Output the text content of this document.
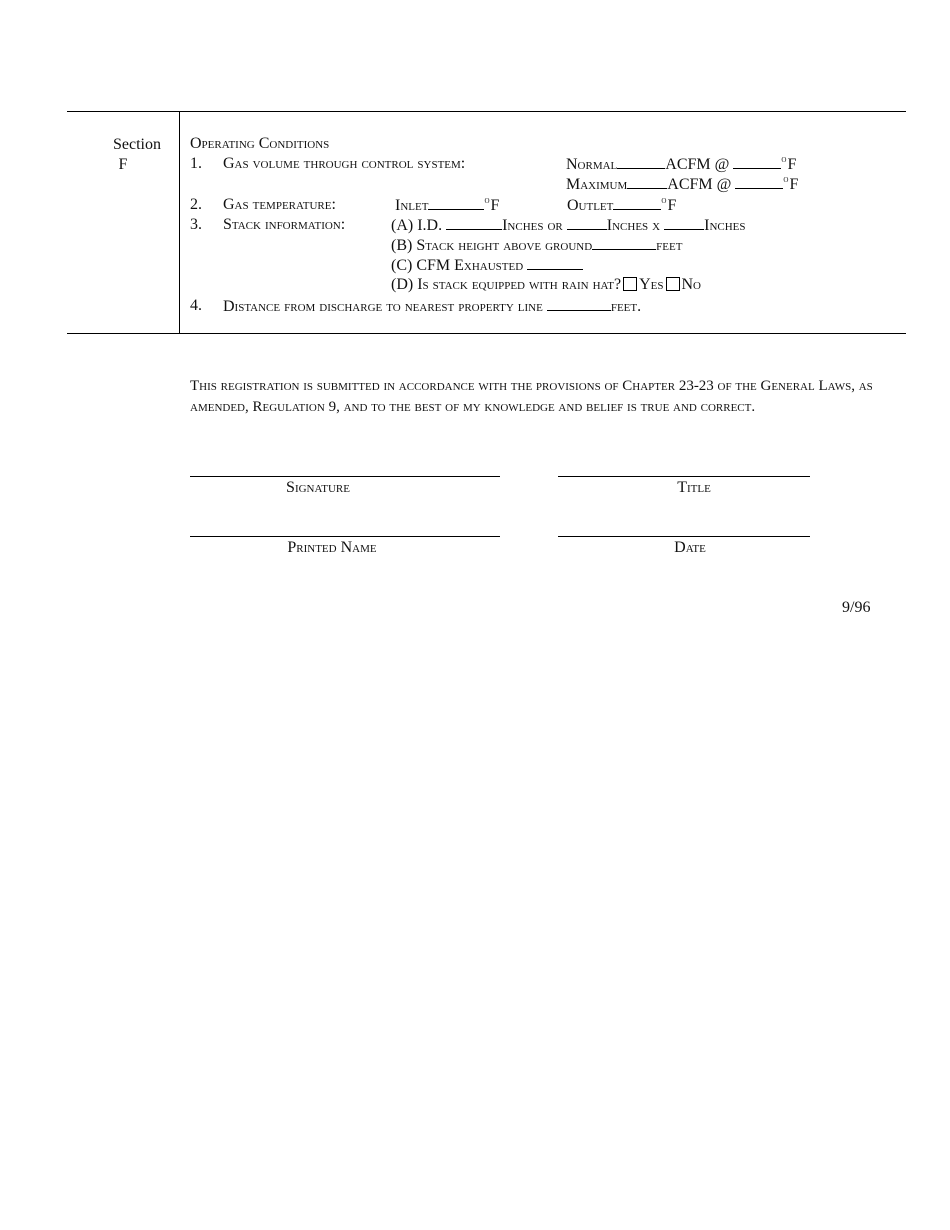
Section
F
Operating Conditions
1. Gas volume through control system:	Normal	ACFM @	$^o$F
Maximum	ACFM @	$^o$F
2. Gas temperature:	Inlet	$^o$F	Outlet	$^o$F
3. Stack information:	(A) I.D.	Inches or	Inches x	Inches
(B) Stack height above ground	feet
(C) CFM Exhausted
(D) Is stack equipped with rain hat? Yes No
4. Distance from discharge to nearest property line	feet.
This registration is submitted in accordance with the provisions of Chapter 23-23 of the General Laws, as amended, Regulation 9, and to the best of my knowledge and belief is true and correct.
Signature	Title
Printed Name	Date
9/96
